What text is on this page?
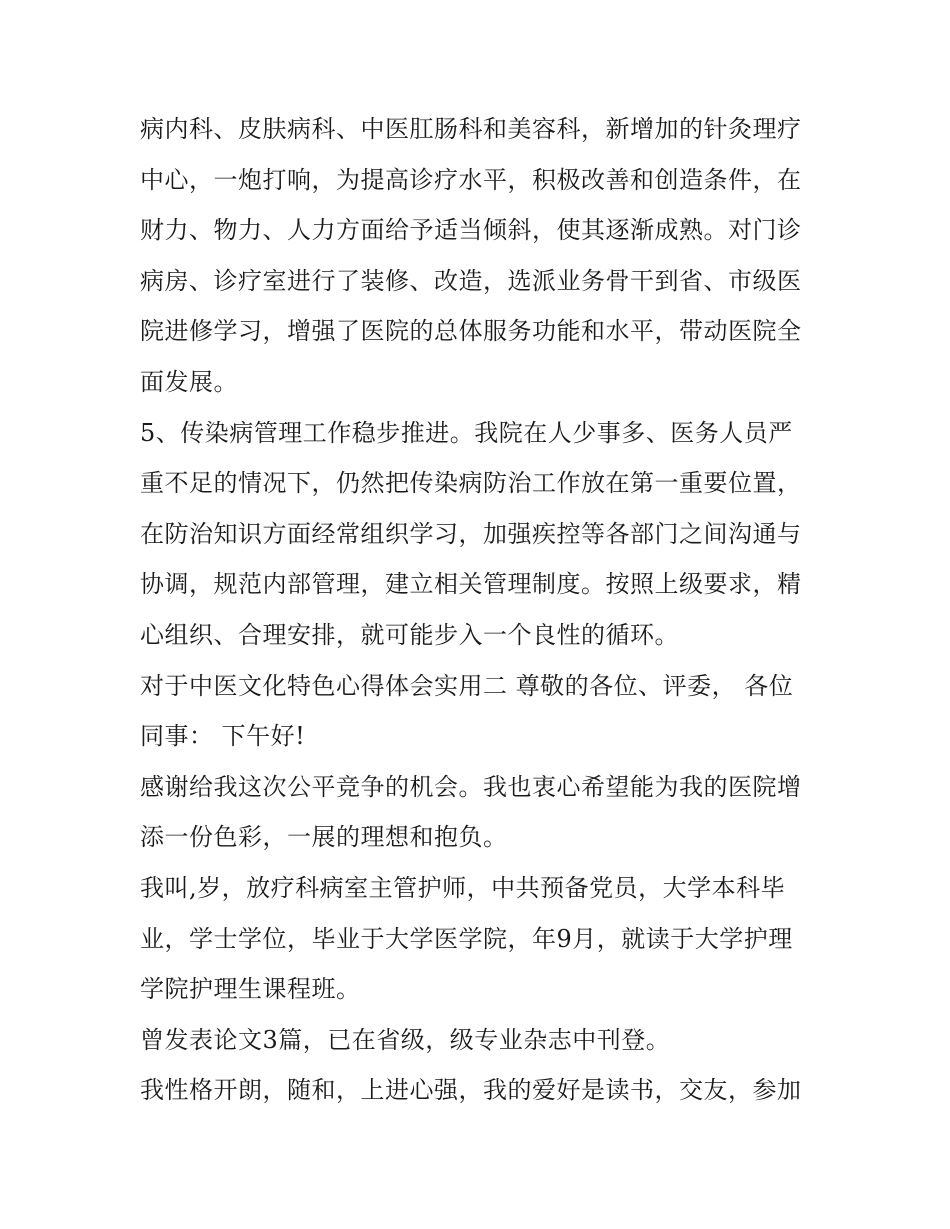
病内科、皮肤病科、中医肛肠科和美容科，新增加的针灸理疗
中心，一炮打响，为提高诊疗水平，积极改善和创造条件，在
财力、物力、人力方面给予适当倾斜，使其逐渐成熟。对门诊
病房、诊疗室进行了装修、改造，选派业务骨干到省、市级医
院进修学习，增强了医院的总体服务功能和水平，带动医院全
面发展。
5、传染病管理工作稳步推进。我院在人少事多、医务人员严
重不足的情况下，仍然把传染病防治工作放在第一重要位置，
在防治知识方面经常组织学习，加强疾控等各部门之间沟通与
协调，规范内部管理，建立相关管理制度。按照上级要求，精
心组织、合理安排，就可能步入一个良性的循环。
对于中医文化特色心得体会实用二 尊敬的各位、评委， 各位
同事： 下午好!
感谢给我这次公平竞争的机会。我也衷心希望能为我的医院增
添一份色彩，一展的理想和抱负。
我叫,岁，放疗科病室主管护师，中共预备党员，大学本科毕
业，学士学位，毕业于大学医学院，年9月，就读于大学护理
学院护理生课程班。
曾发表论文3篇，已在省级，级专业杂志中刊登。
我性格开朗，随和，上进心强，我的爱好是读书，交友，参加
